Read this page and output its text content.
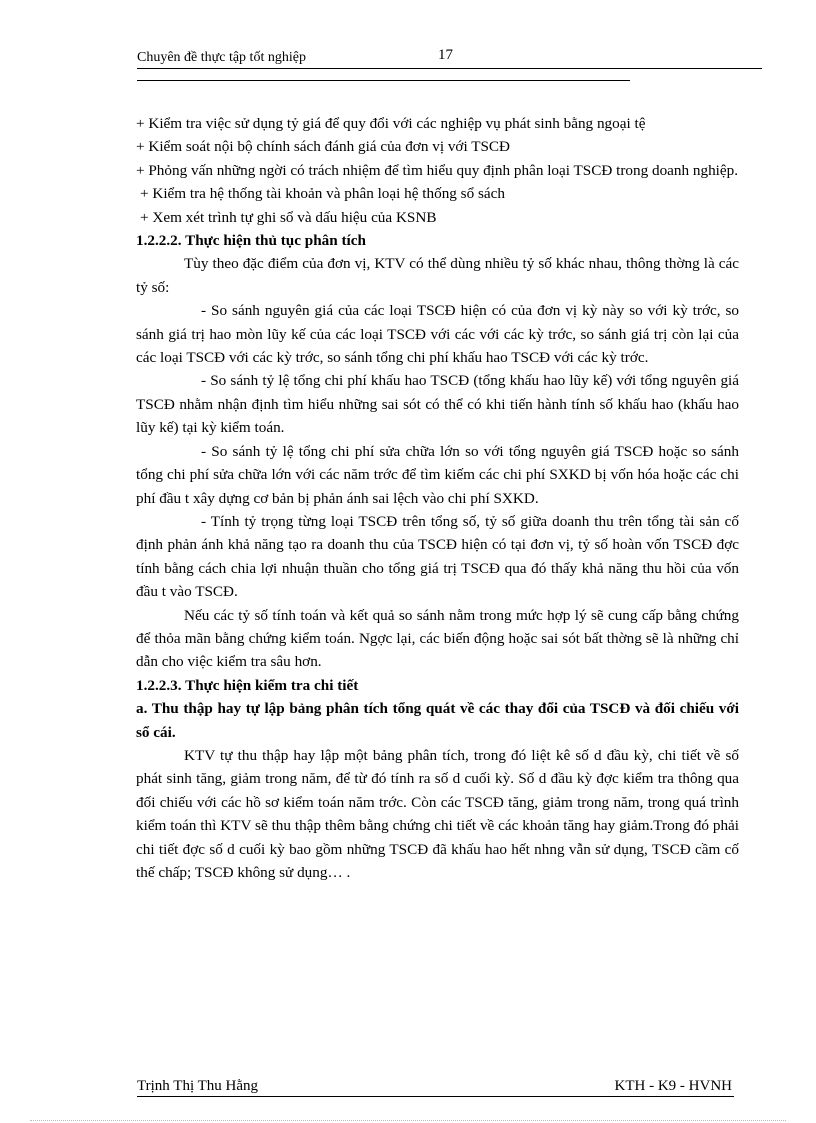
Chuyên đề thực tập tốt nghiệp	17

+ Kiểm tra việc sử dụng tỷ giá để quy đổi với các nghiệp vụ phát sinh bằng ngoại tệ

+ Kiểm soát nội bộ chính sách đánh giá của đơn vị với TSCĐ

+ Phỏng vấn những ngời có trách nhiệm để tìm hiểu quy định phân loại TSCĐ trong doanh nghiệp.

+ Kiểm tra hệ thống tài khoản và phân loại hệ thống sổ sách

+ Xem xét trình tự ghi sổ và dấu hiệu của KSNB

1.2.2.2. Thực hiện thủ tục phân tích

Tùy theo đặc điểm của đơn vị, KTV có thể dùng nhiều tỷ số khác nhau, thông thờng là các tỷ số:

- So sánh nguyên giá của các loại TSCĐ hiện có của đơn vị kỳ này so với kỳ trớc, so sánh giá trị hao mòn lũy kế của các loại TSCĐ với các với các kỳ trớc, so sánh giá trị còn lại của các loại TSCĐ với các kỳ trớc, so sánh tổng chi phí khấu hao TSCĐ với các kỳ trớc.

- So sánh tỷ lệ tổng chi phí khấu hao TSCĐ (tổng khấu hao lũy kế) với tổng nguyên giá TSCĐ nhằm nhận định tìm hiểu những sai sót có thể có khi tiến hành tính số khấu hao (khấu hao lũy kế) tại kỳ kiểm toán.

- So sánh tỷ lệ tổng chi phí sửa chữa lớn so với tổng nguyên giá TSCĐ hoặc so sánh tổng chi phí sửa chữa lớn với các năm trớc để tìm kiếm các chi phí SXKD bị vốn hóa hoặc các chi phí đầu t xây dựng cơ bản bị phản ánh sai lệch vào chi phí SXKD.

- Tính tỷ trọng từng loại TSCĐ trên tổng số, tỷ số giữa doanh thu trên tổng tài sản cố định phản ánh khả năng tạo ra doanh thu của TSCĐ hiện có tại đơn vị, tỷ số hoàn vốn TSCĐ đợc tính bằng cách chia lợi nhuận thuần cho tổng giá trị TSCĐ qua đó thấy khả năng thu hồi của vốn đầu t vào TSCĐ.

Nếu các tỷ số tính toán và kết quả so sánh nằm trong mức hợp lý sẽ cung cấp bằng chứng để thỏa mãn bằng chứng kiểm toán. Ngợc lại, các biến động hoặc sai sót bất thờng sẽ là những chỉ dẫn cho việc kiểm tra sâu hơn.

1.2.2.3. Thực hiện kiểm tra chi tiết

a. Thu thập hay tự lập bảng phân tích tổng quát về các thay đổi của TSCĐ và đối chiếu với sổ cái.

KTV tự thu thập hay lập một bảng phân tích, trong đó liệt kê số d đầu kỳ, chi tiết về số phát sinh tăng, giảm trong năm, để từ đó tính ra số d cuối kỳ. Số d đầu kỳ đợc kiểm tra thông qua đối chiếu với các hồ sơ kiểm toán năm trớc. Còn các TSCĐ tăng, giảm trong năm, trong quá trình kiểm toán thì KTV sẽ thu thập thêm bằng chứng chi tiết về các khoản tăng hay giảm.Trong đó phải chi tiết đợc số d cuối kỳ bao gồm những TSCĐ đã khấu hao hết nhng vẫn sử dụng, TSCĐ cầm cố thế chấp; TSCĐ không sử dụng… .

Trịnh Thị Thu Hằng	KTH - K9 - HVNH
